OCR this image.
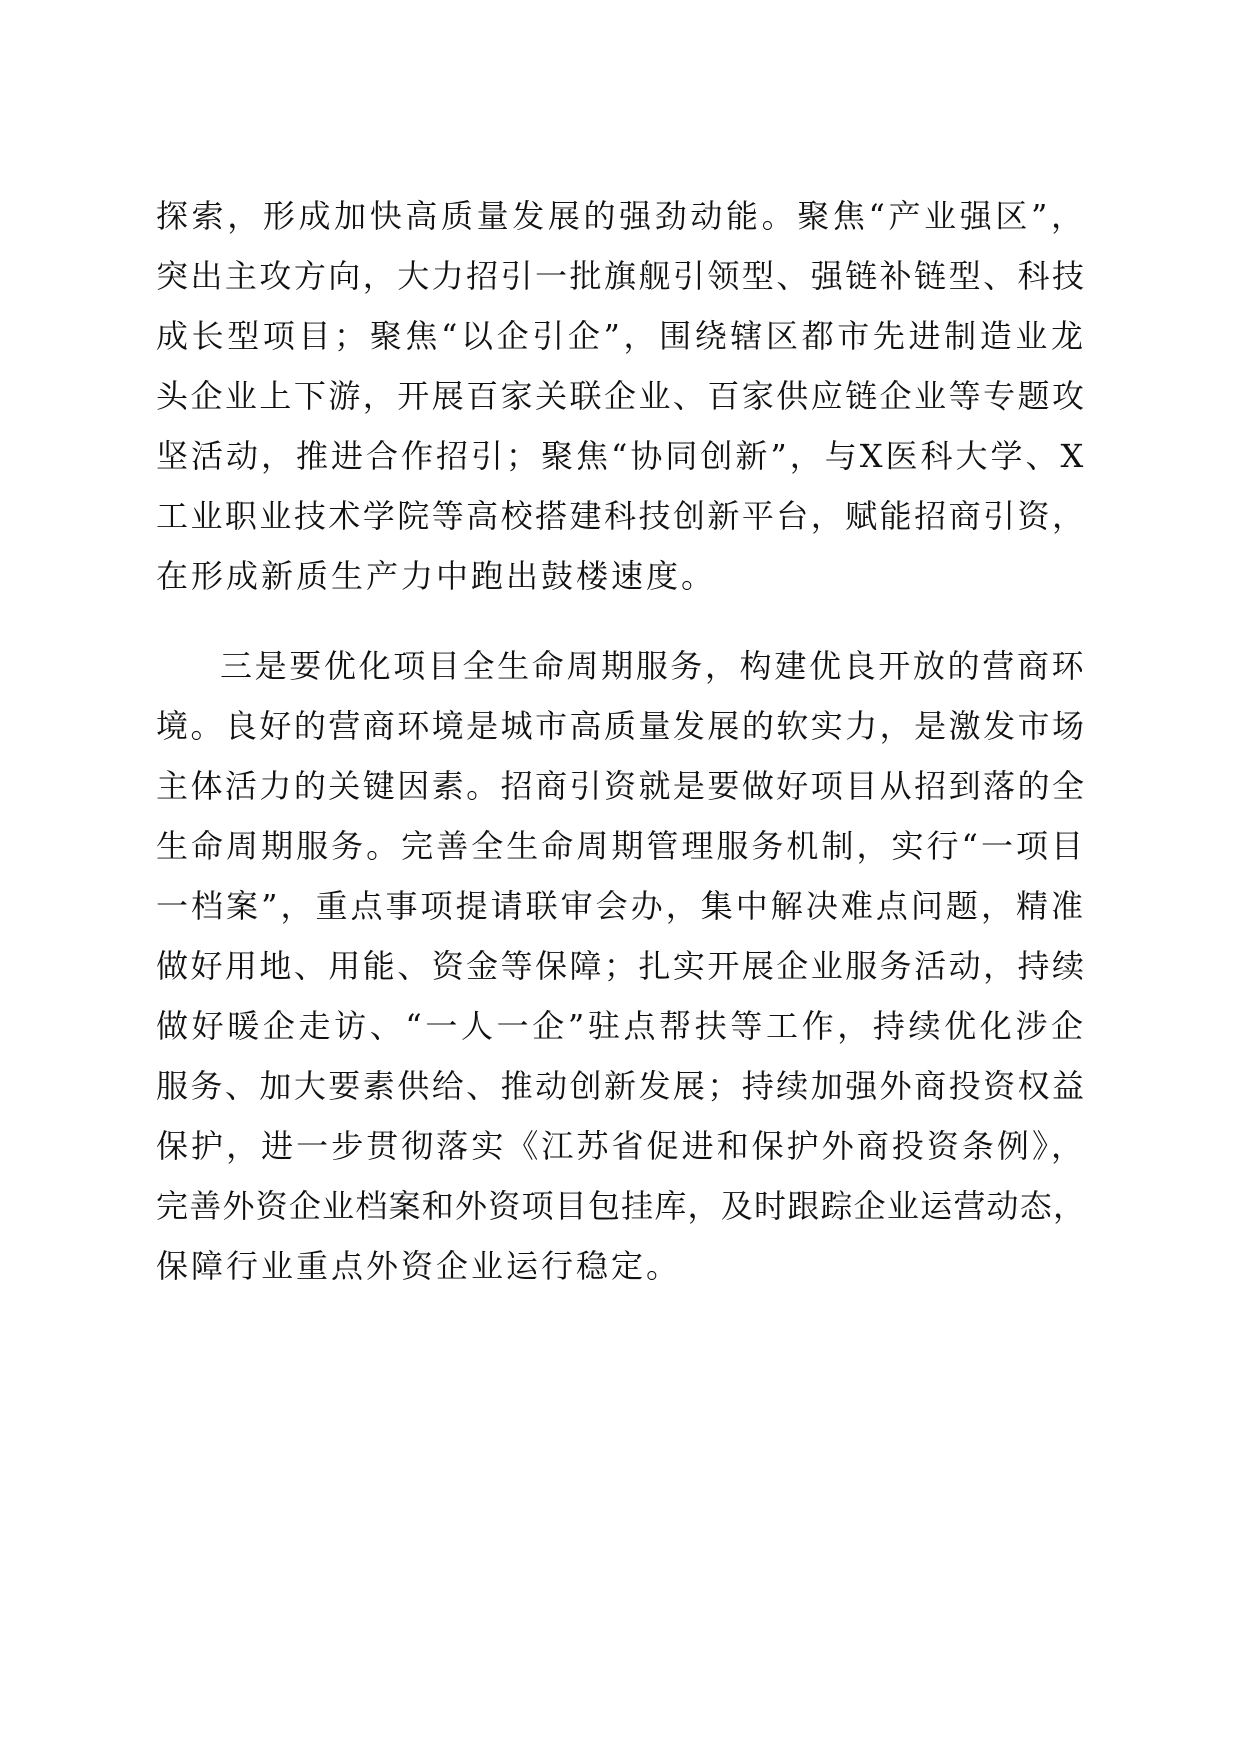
探索，形成加快高质量发展的强劲动能。聚焦“产业强区”，
突出主攻方向，大力招引一批旗舰引领型、强链补链型、科技
成长型项目；聚焦“以企引企”，围绕辖区都市先进制造业龙
头企业上下游，开展百家关联企业、百家供应链企业等专题攻
坚活动，推进合作招引；聚焦“协同创新”，与X医科大学、X
工业职业技术学院等高校搭建科技创新平台，赋能招商引资，
在形成新质生产力中跑出鼓楼速度。
三是要优化项目全生命周期服务，构建优良开放的营商环
境。良好的营商环境是城市高质量发展的软实力，是激发市场
主体活力的关键因素。招商引资就是要做好项目从招到落的全
生命周期服务。完善全生命周期管理服务机制，实行“一项目
一档案”，重点事项提请联审会办，集中解决难点问题，精准
做好用地、用能、资金等保障；扎实开展企业服务活动，持续
做好暖企走访、“一人一企”驻点帮扶等工作，持续优化涉企
服务、加大要素供给、推动创新发展；持续加强外商投资权益
保护，进一步贯彻落实《江苏省促进和保护外商投资条例》，
完善外资企业档案和外资项目包挂库，及时跟踪企业运营动态，
保障行业重点外资企业运行稳定。
